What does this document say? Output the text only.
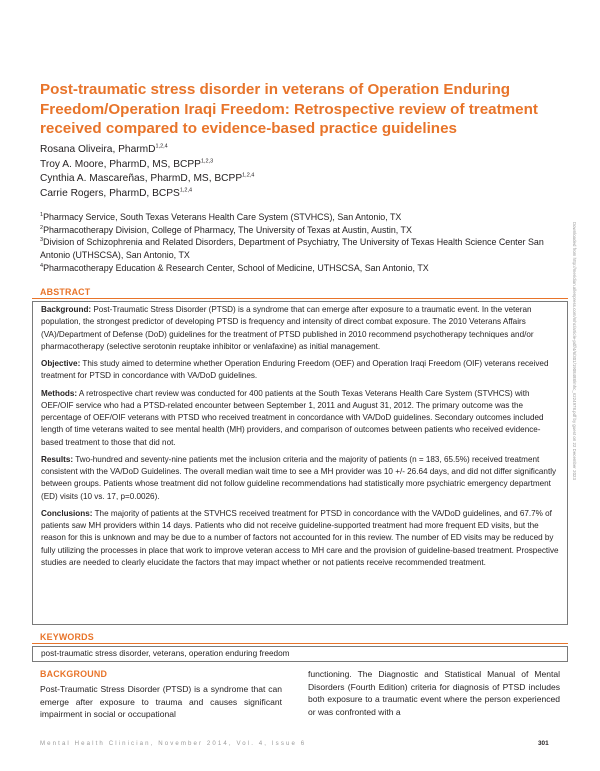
Post-traumatic stress disorder in veterans of Operation Enduring Freedom/Operation Iraqi Freedom: Retrospective review of treatment received compared to evidence-based practice guidelines
Rosana Oliveira, PharmD$^{1,2,4}$
Troy A. Moore, PharmD, MS, BCPP$^{1,2,3}$
Cynthia A. Mascareñas, PharmD, MS, BCPP$^{1,2,4}$
Carrie Rogers, PharmD, BCPS$^{1,2,4}$
$^1$Pharmacy Service, South Texas Veterans Health Care System (STVHCS), San Antonio, TX
$^2$Pharmacotherapy Division, College of Pharmacy, The University of Texas at Austin, Austin, TX
$^3$Division of Schizophrenia and Related Disorders, Department of Psychiatry, The University of Texas Health Science Center San Antonio (UTHSCSA), San Antonio, TX
$^4$Pharmacotherapy Education & Research Center, School of Medicine, UTHSCSA, San Antonio, TX	Downloaded from http://meridian.allenpress.com/mhc/article-pdf/4/6/301/1908488/mhc_n224978.pdf by guest on 22 December 2023
ABSTRACT

Background: Post-Traumatic Stress Disorder (PTSD) is a syndrome that can emerge after exposure to a traumatic event. In the veteran population, the strongest predictor of developing PTSD is frequency and intensity of direct combat exposure. The 2010 Veterans Affairs (VA)/Department of Defense (DoD) guidelines for the treatment of PTSD published in 2010 recommend psychotherapy techniques and/or pharmacotherapy (selective serotonin reuptake inhibitor or venlafaxine) as initial management.

Objective: This study aimed to determine whether Operation Enduring Freedom (OEF) and Operation Iraqi Freedom (OIF) veterans received treatment for PTSD in concordance with VA/DoD guidelines.

Methods: A retrospective chart review was conducted for 400 patients at the South Texas Veterans Health Care System (STVHCS) with OEF/OIF service who had a PTSD-related encounter between September 1, 2011 and August 31, 2012. The primary outcome was the percentage of OEF/OIF veterans with PTSD who received treatment in concordance with VA/DoD guidelines. Secondary outcomes included length of time veterans waited to see mental health (MH) providers, and comparison of outcomes between patients who received evidence-based treatment to those that did not.

Results: Two-hundred and seventy-nine patients met the inclusion criteria and the majority of patients (n = 183, 65.5%) received treatment consistent with the VA/DoD Guidelines. The overall median wait time to see a MH provider was 10 +/- 26.64 days, and did not differ significantly between groups. Patients whose treatment did not follow guideline recommendations had statistically more psychiatric emergency department (ED) visits (10 vs. 17, p=0.0026).

Conclusions: The majority of patients at the STVHCS received treatment for PTSD in concordance with the VA/DoD guidelines, and 67.7% of patients saw MH providers within 14 days. Patients who did not receive guideline-supported treatment had more frequent ED visits, but the reason for this is unknown and may be due to a number of factors not accounted for in this review. The number of ED visits may be reduced by fully utilizing the processes in place that work to improve veteran access to MH care and the provision of guideline-based treatment. Prospective studies are needed to clearly elucidate the factors that may impact whether or not patients receive recommended treatment.

KEYWORDS
post-traumatic stress disorder, veterans, operation enduring freedom
BACKGROUND
Post-Traumatic Stress Disorder (PTSD) is a syndrome that can emerge after exposure to trauma and causes significant impairment in social or occupational
functioning. The Diagnostic and Statistical Manual of Mental Disorders (Fourth Edition) criteria for diagnosis of PTSD includes both exposure to a traumatic event where the person experienced or was confronted with a
Mental Health Clinician, November 2014, Vol. 4, Issue 6	301
